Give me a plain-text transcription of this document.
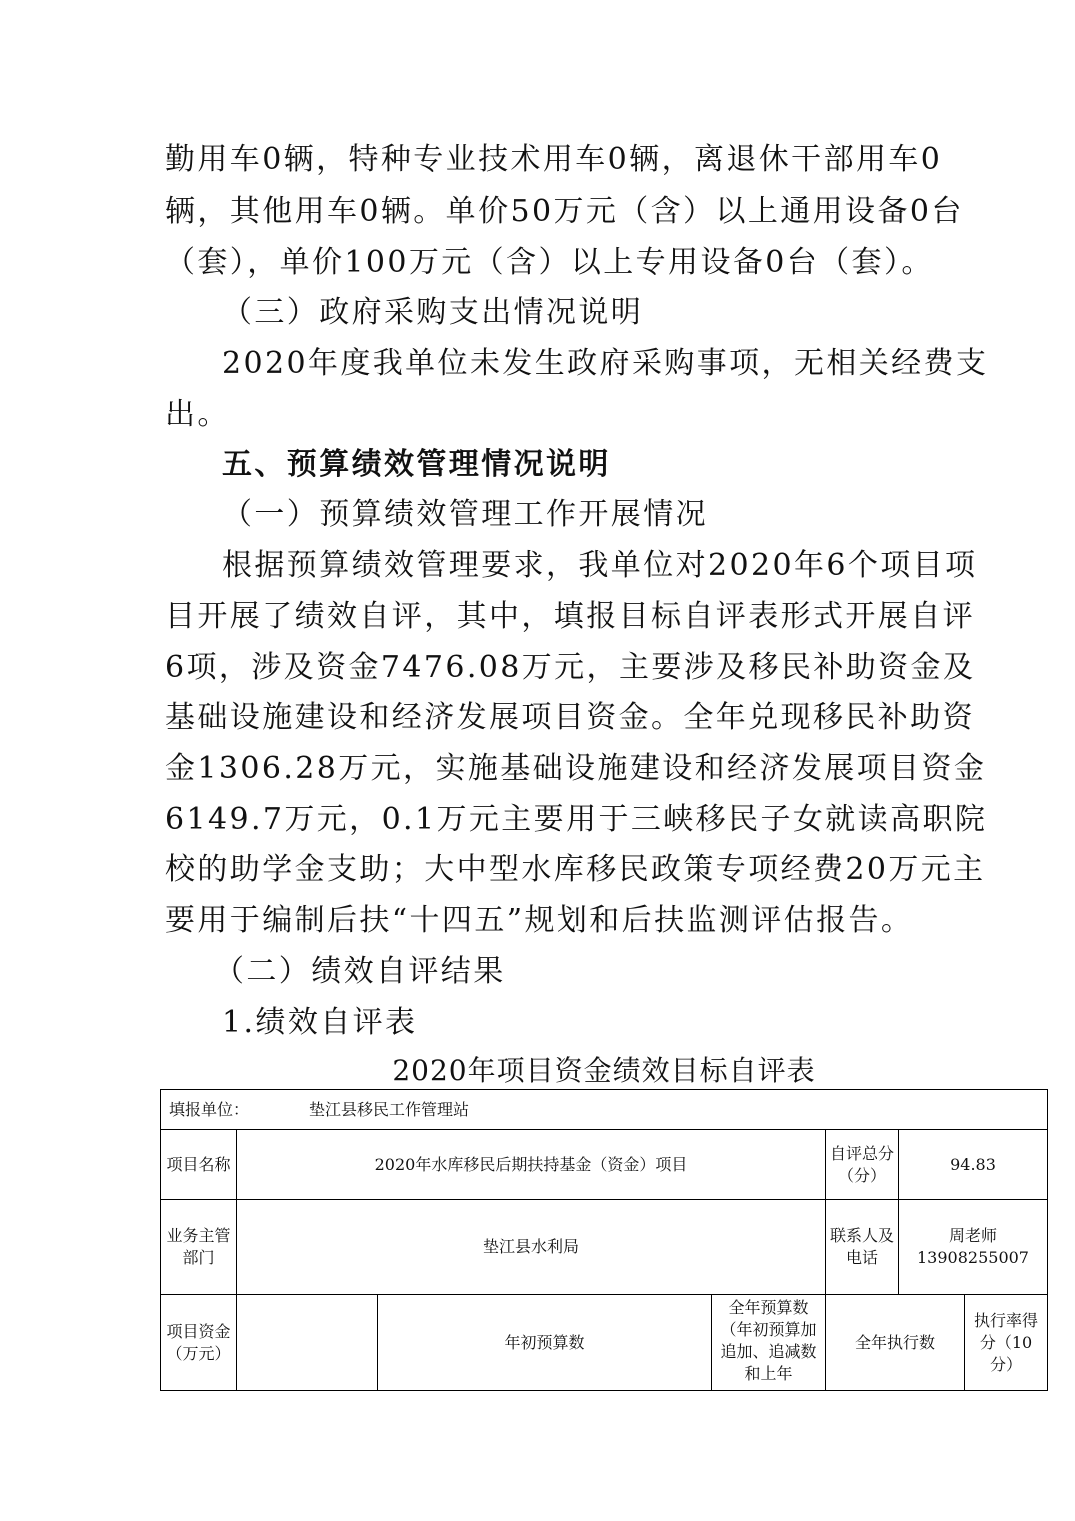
勤用车0辆，特种专业技术用车0辆，离退休干部用车0

辆，其他用车0辆。单价50万元（含）以上通用设备0台

（套），单价100万元（含）以上专用设备0台（套）。

（三）政府采购支出情况说明

2020年度我单位未发生政府采购事项，无相关经费支

出。

五、预算绩效管理情况说明

（一）预算绩效管理工作开展情况

根据预算绩效管理要求，我单位对2020年6个项目项

目开展了绩效自评，其中，填报目标自评表形式开展自评

6项，涉及资金7476.08万元，主要涉及移民补助资金及

基础设施建设和经济发展项目资金。全年兑现移民补助资

金1306.28万元，实施基础设施建设和经济发展项目资金

6149.7万元，0.1万元主要用于三峡移民子女就读高职院

校的助学金支助；大中型水库移民政策专项经费20万元主

要用于编制后扶“十四五”规划和后扶监测评估报告。

（二）绩效自评结果

1.绩效自评表

2020年项目资金绩效目标自评表

填报单位：	垫江县移民工作管理站
项目名称	2020年水库移民后期扶持基金（资金）项目
自评总分（分）
94.83
业务主管部门
垫江县水利局
联系人及电话
周老师
13908255007
项目资金（万元）
年初预算数
全年预算数（年初预算加追加、追减数和上年
全年执行数
执行率得分（10分）
